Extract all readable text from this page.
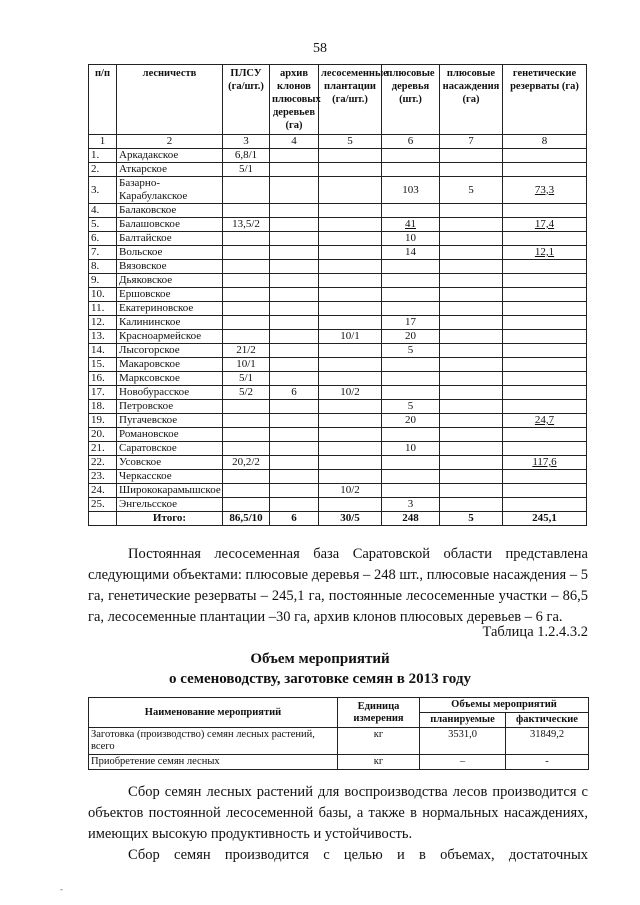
58
п/п	лесничеств	ПЛСУ (га/шт.)	архив клонов плюсовых деревьев (га)	лесосеменные плантации (га/шт.)	плюсовые деревья (шт.)	плюсовые насаждения (га)	генетические резерваты (га)
1	2	3	4	5	6	7	8
1.	Аркадакское	6,8/1					
2.	Аткарское	5/1					
3.	Базарно-Карабулакское				103	5	73,3
4.	Балаковское						
5.	Балашовское	13,5/2			41		17,4
6.	Балтайское				10		
7.	Вольское				14		12,1
8.	Вязовское						
9.	Дьяковское						
10.	Ершовское						
11.	Екатериновское						
12.	Калининское				17		
13.	Красноармейское			10/1	20		
14.	Лысогорское	21/2			5		
15.	Макаровское	10/1					
16.	Марксовское	5/1					
17.	Новобурасское	5/2	6	10/2			
18.	Петровское				5		
19.	Пугачевское				20		24,7
20.	Романовское						
21.	Саратовское				10		
22.	Усовское	20,2/2					117,6
23.	Черкасское						
24.	Ширококарамышское			10/2			
25.	Энгельсское				3		
	Итого:	86,5/10	6	30/5	248	5	245,1
Постоянная лесосеменная база Саратовской области представлена следующими объектами: плюсовые деревья – 248 шт., плюсовые насаждения – 5 га, генетические резерваты – 245,1 га, постоянные лесосеменные участки – 86,5 га, лесосеменные плантации –30 га, архив клонов плюсовых деревьев – 6 га.
Таблица 1.2.4.3.2
Объем мероприятий
о семеноводству, заготовке семян в 2013 году
Наименование мероприятий	Единица измерения	Объемы мероприятий	
		планируемые	фактические
Заготовка (производство) семян лесных растений, всего	кг	3531,0	31849,2
Приобретение семян лесных	кг	–	-
Сбор семян лесных растений для воспроизводства лесов производится с объектов постоянной лесосеменной базы, а также в нормальных насаждениях, имеющих высокую продуктивность и устойчивость.
Сбор семян производится с целью и в объемах, достаточных
-
